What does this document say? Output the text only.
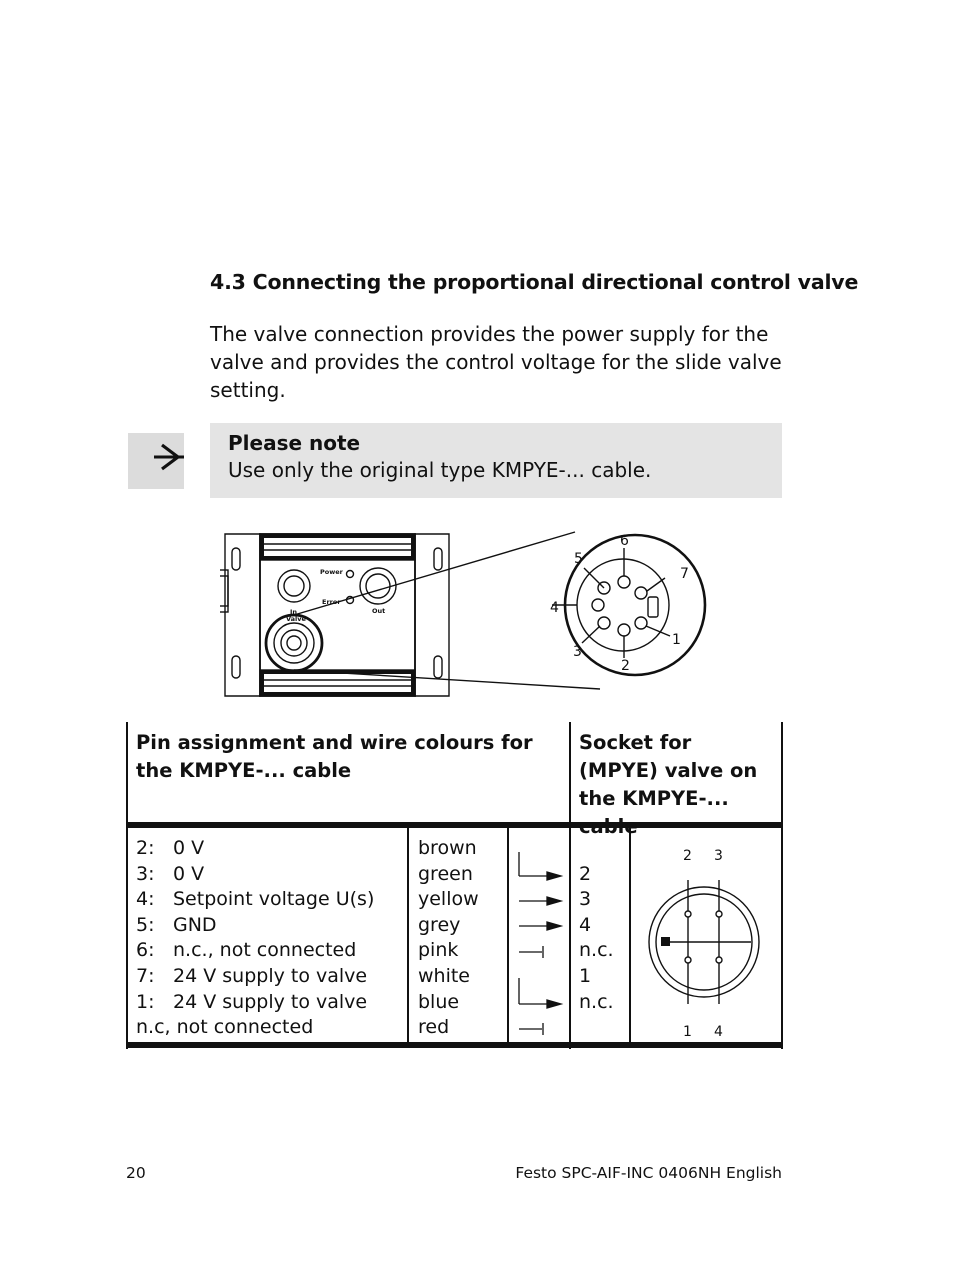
4.3 Connecting the proportional directional control valve
The valve connection provides the power supply for the valve and provides the control voltage for the slide valve setting.
Please note
Use only the original type KMPYE-... cable.
Power
Error
Out
In
Valve
1
2
3
4
5
6
7
Pin assignment and wire colours for the KMPYE-... cable
Socket for (MPYE) valve on the KMPYE-... cable
2: 0 V
3: 0 V
4: Setpoint voltage U(s)
5: GND
6: n.c., not connected
7: 24 V supply to valve
1: 24 V supply to valve
n.c, not connected
brown
green
yellow
grey
pink
white
blue
red
2
3
4
n.c.
1
n.c.
2 3
1 4
20	Festo SPC-AIF-INC 0406NH English
